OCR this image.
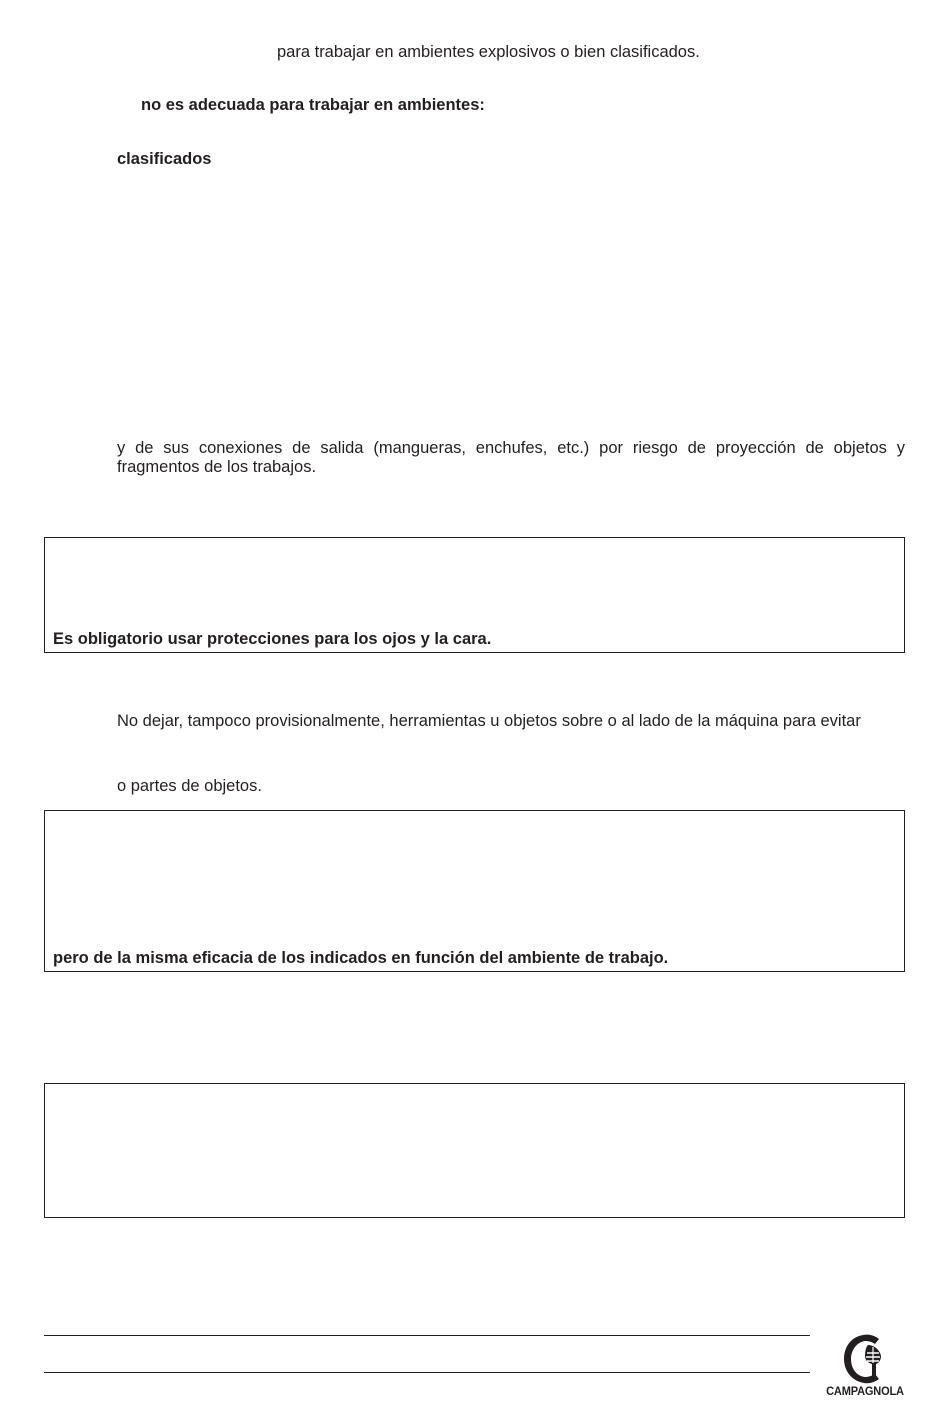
para trabajar en ambientes explosivos o bien clasificados.
no es adecuada para trabajar en ambientes:
clasificados
y de sus conexiones de salida (mangueras, enchufes, etc.) por riesgo de proyección de objetos y fragmentos de los trabajos.
Es obligatorio usar protecciones para los ojos y la cara.
No dejar, tampoco provisionalmente, herramientas u objetos sobre o al lado de la máquina para evitar
o partes de objetos.
pero de la misma eficacia de los indicados en función del ambiente de trabajo.
CAMPAGNOLA
